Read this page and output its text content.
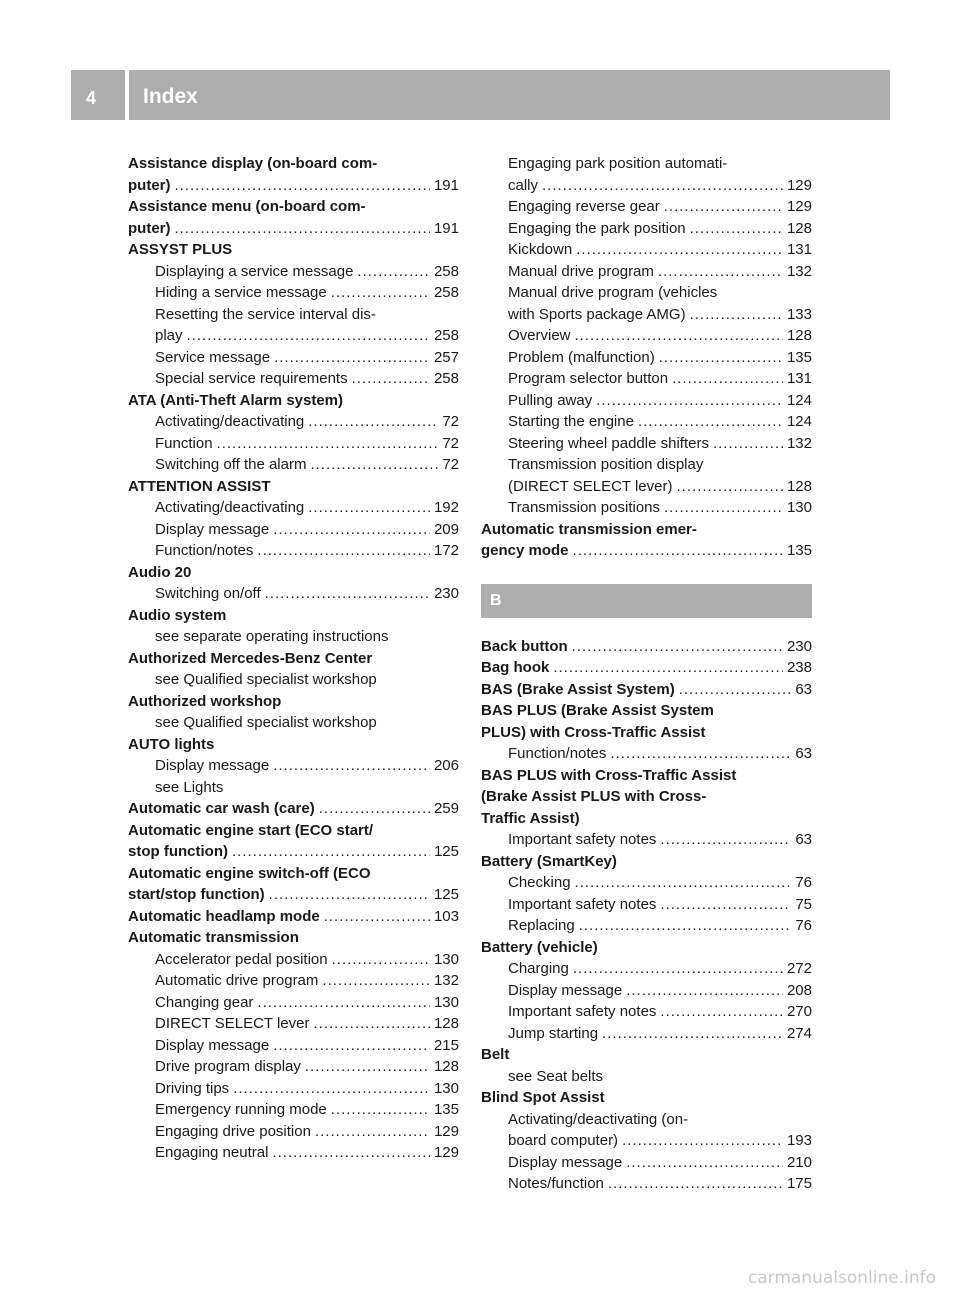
4 Index
Assistance display (on-board com-
puter) .....	191
Assistance menu (on-board com-
puter) .....	191
ASSYST PLUS
Displaying a service message .....	258
Hiding a service message .....	258
Resetting the service interval dis-
play .....	258
Service message .....	257
Special service requirements .....	258
ATA (Anti-Theft Alarm system)
Activating/deactivating .....	72
Function .....	72
Switching off the alarm .....	72
ATTENTION ASSIST
Activating/deactivating .....	192
Display message .....	209
Function/notes .....	172
Audio 20
Switching on/off .....	230
Audio system
see separate operating instructions
Authorized Mercedes-Benz Center
see Qualified specialist workshop
Authorized workshop
see Qualified specialist workshop
AUTO lights
Display message .....	206
see Lights
Automatic car wash (care) .....	259
Automatic engine start (ECO start/
stop function) .....	125
Automatic engine switch-off (ECO
start/stop function) .....	125
Automatic headlamp mode .....	103
Automatic transmission
Accelerator pedal position .....	130
Automatic drive program .....	132
Changing gear .....	130
DIRECT SELECT lever .....	128
Display message .....	215
Drive program display .....	128
Driving tips .....	130
Emergency running mode .....	135
Engaging drive position .....	129
Engaging neutral .....	129
Engaging park position automati-
cally .....	129
Engaging reverse gear .....	129
Engaging the park position .....	128
Kickdown .....	131
Manual drive program .....	132
Manual drive program (vehicles
with Sports package AMG) .....	133
Overview .....	128
Problem (malfunction) .....	135
Program selector button .....	131
Pulling away .....	124
Starting the engine .....	124
Steering wheel paddle shifters .....	132
Transmission position display
(DIRECT SELECT lever) .....	128
Transmission positions .....	130
Automatic transmission emer-
gency mode .....	135
B
Back button .....	230
Bag hook .....	238
BAS (Brake Assist System) .....	63
BAS PLUS (Brake Assist System
PLUS) with Cross-Traffic Assist
Function/notes .....	63
BAS PLUS with Cross-Traffic Assist
(Brake Assist PLUS with Cross-
Traffic Assist)
Important safety notes .....	63
Battery (SmartKey)
Checking .....	76
Important safety notes .....	75
Replacing .....	76
Battery (vehicle)
Charging .....	272
Display message .....	208
Important safety notes .....	270
Jump starting .....	274
Belt
see Seat belts
Blind Spot Assist
Activating/deactivating (on-
board computer) .....	193
Display message .....	210
Notes/function .....	175
carmanualsonline.info
